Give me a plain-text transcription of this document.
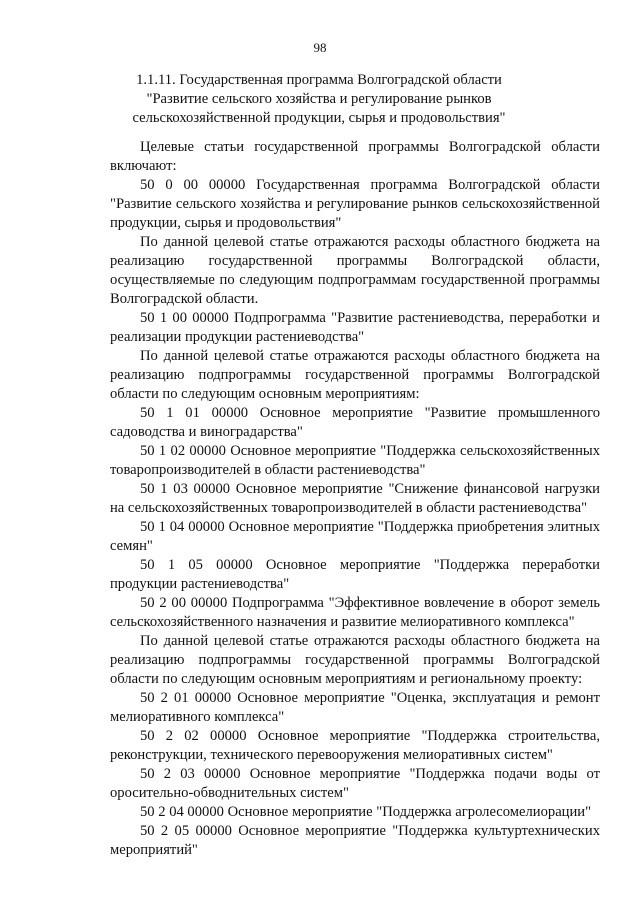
98
1.1.11. Государственная программа Волгоградской области
"Развитие сельского хозяйства и регулирование рынков
сельскохозяйственной продукции, сырья и продовольствия"

Целевые статьи государственной программы Волгоградской области включают:

50 0 00 00000 Государственная программа Волгоградской области "Развитие сельского хозяйства и регулирование рынков сельскохозяйственной продукции, сырья и продовольствия"

По данной целевой статье отражаются расходы областного бюджета на реализацию государственной программы Волгоградской области, осуществляемые по следующим подпрограммам государственной программы Волгоградской области.

50 1 00 00000 Подпрограмма "Развитие растениеводства, переработки и реализации продукции растениеводства"

По данной целевой статье отражаются расходы областного бюджета на реализацию подпрограммы государственной программы Волгоградской области по следующим основным мероприятиям:

50 1 01 00000 Основное мероприятие "Развитие промышленного садоводства и виноградарства"

50 1 02 00000 Основное мероприятие "Поддержка сельскохозяйственных товаропроизводителей в области растениеводства"

50 1 03 00000 Основное мероприятие "Снижение финансовой нагрузки на сельскохозяйственных товаропроизводителей в области растениеводства"

50 1 04 00000 Основное мероприятие "Поддержка приобретения элитных семян"

50 1 05 00000 Основное мероприятие "Поддержка переработки продукции растениеводства"

50 2 00 00000 Подпрограмма "Эффективное вовлечение в оборот земель сельскохозяйственного назначения и развитие мелиоративного комплекса"

По данной целевой статье отражаются расходы областного бюджета на реализацию подпрограммы государственной программы Волгоградской области по следующим основным мероприятиям и региональному проекту:

50 2 01 00000 Основное мероприятие "Оценка, эксплуатация и ремонт мелиоративного комплекса"

50 2 02 00000 Основное мероприятие "Поддержка строительства, реконструкции, технического перевооружения мелиоративных систем"

50 2 03 00000 Основное мероприятие "Поддержка подачи воды от оросительно-обводнительных систем"

50 2 04 00000 Основное мероприятие "Поддержка агролесомелиорации"

50 2 05 00000 Основное мероприятие "Поддержка культуртехнических мероприятий"
